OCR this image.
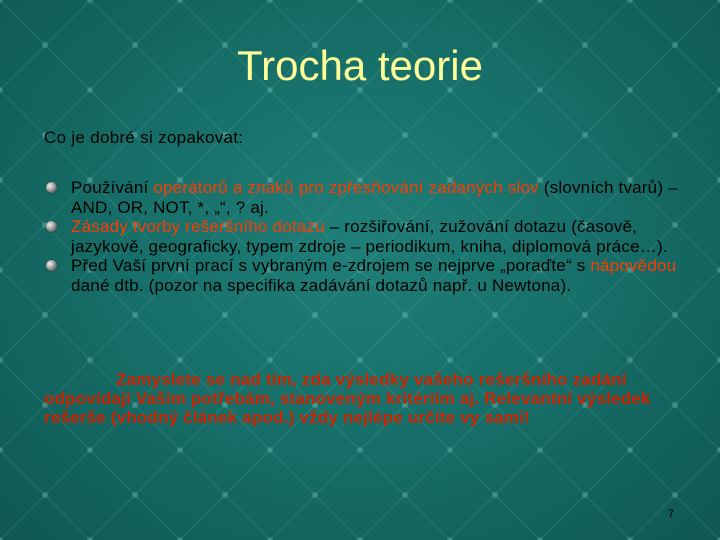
Trocha teorie
Co je dobré si zopakovat:
Používání operátorů a znaků pro zpřesňování zadaných slov (slovních tvarů) – AND, OR, NOT, *, „“, ? aj.
Zásady tvorby rešeršního dotazu – rozšiřování, zužování dotazu (časově, jazykově, geograficky, typem zdroje – periodikum, kniha, diplomová práce…).
Před Vaší první prací s vybraným e-zdrojem se nejprve „poraďte“ s nápovědou dané dtb. (pozor na specifika zadávání dotazů např. u Newtona).

Zamyslete se nad tím, zda výsledky vašeho rešeršního zadání odpovídají Vašim potřebám, stanoveným kritériím aj. Relevantní výsledek rešerše (vhodný článek apod.) vždy nejlépe určíte vy sami!

7
